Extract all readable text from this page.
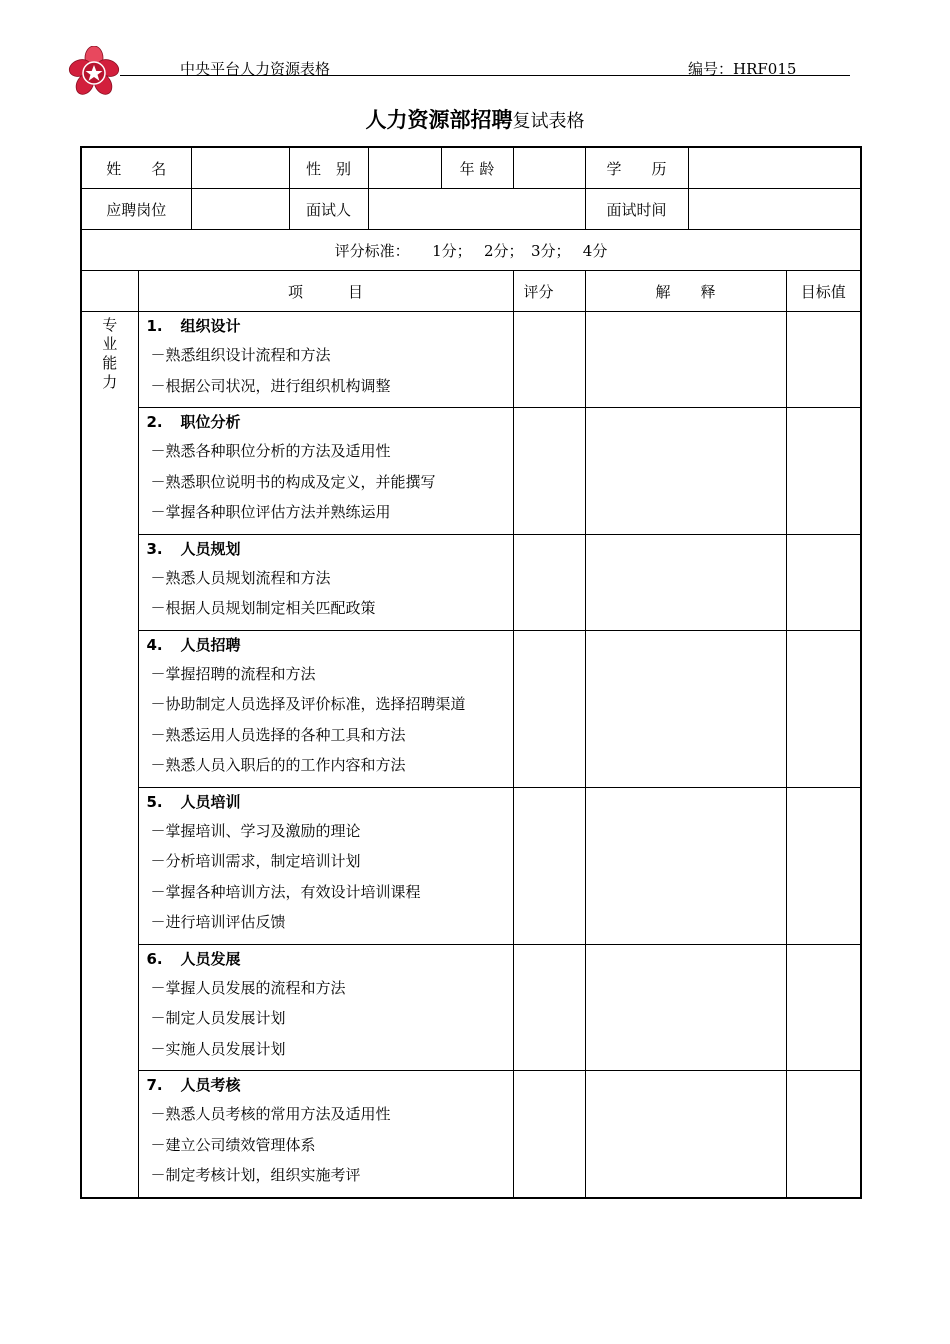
中央平台人力资源表格	编号：HRF015
人力资源部招聘复试表格
姓　　名			性　别		年 龄		学　　历		
应聘岗位			面试人				面试时间		
评分标准：　　1分；　 2分；　3分；　 4分									
	项　　　目					评分	解　　释		目标值
专业能力	1. 组织设计
－熟悉组织设计流程和方法
－根据公司状况，进行组织机构调整								

	2. 职位分析
－熟悉各种职位分析的方法及适用性
－熟悉职位说明书的构成及定义，并能撰写
－掌握各种职位评估方法并熟练运用								

	3. 人员规划
－熟悉人员规划流程和方法
－根据人员规划制定相关匹配政策								

	4. 人员招聘
－掌握招聘的流程和方法
－协助制定人员选择及评价标准，选择招聘渠道
－熟悉运用人员选择的各种工具和方法
－熟悉人员入职后的的工作内容和方法								

	5. 人员培训
－掌握培训、学习及激励的理论
－分析培训需求，制定培训计划
－掌握各种培训方法，有效设计培训课程
－进行培训评估反馈								

	6. 人员发展
－掌握人员发展的流程和方法
－制定人员发展计划
－实施人员发展计划								

	7. 人员考核
－熟悉人员考核的常用方法及适用性
－建立公司绩效管理体系
－制定考核计划，组织实施考评								
